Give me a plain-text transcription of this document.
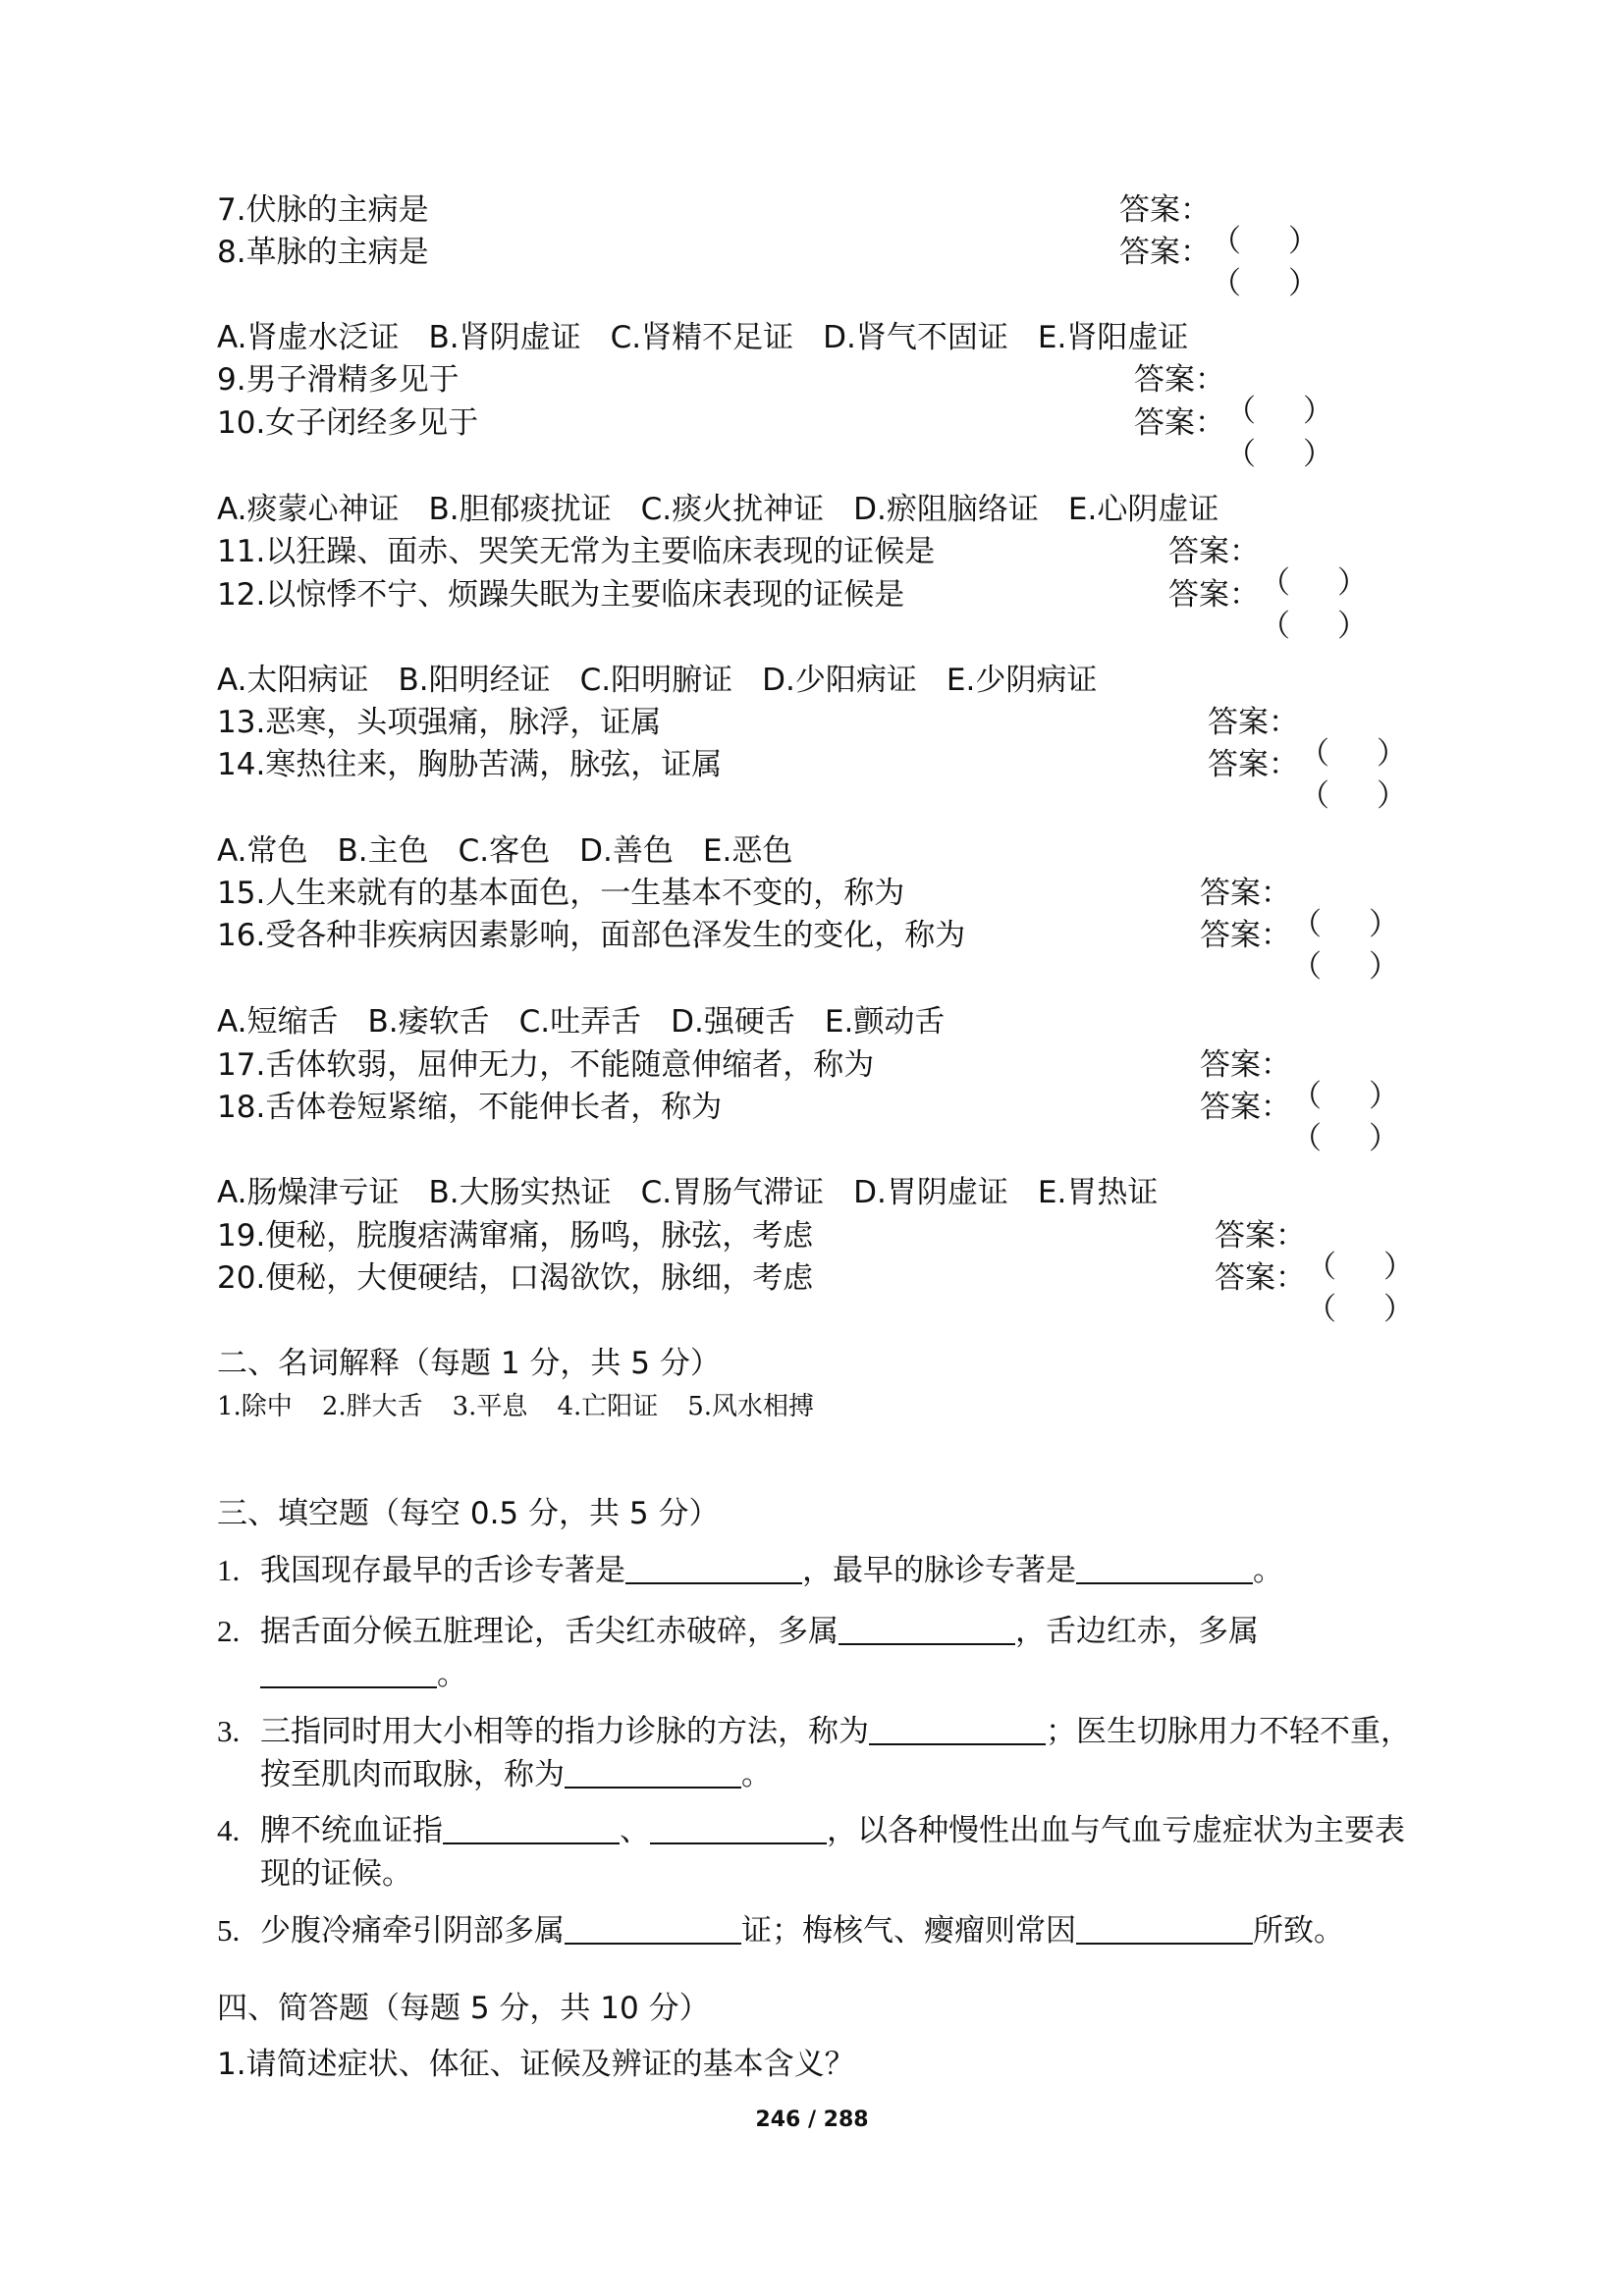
7.伏脉的主病是	答案：
（ ）
8.革脉的主病是	答案：
（ ）
A.肾虚水泛证 B.肾阴虚证 C.肾精不足证 D.肾气不固证 E.肾阳虚证
9.男子滑精多见于	答案：
（ ）
10.女子闭经多见于	答案：
（ ）
A.痰蒙心神证 B.胆郁痰扰证 C.痰火扰神证 D.瘀阻脑络证 E.心阴虚证
11.以狂躁、面赤、哭笑无常为主要临床表现的证候是	答案：
（ ）
12.以惊悸不宁、烦躁失眠为主要临床表现的证候是	答案：
（ ）
A.太阳病证 B.阳明经证 C.阳明腑证 D.少阳病证 E.少阴病证
13.恶寒，头项强痛，脉浮，证属	答案：
（ ）
14.寒热往来，胸胁苦满，脉弦，证属	答案：
（ ）
A.常色 B.主色 C.客色 D.善色 E.恶色
15.人生来就有的基本面色，一生基本不变的，称为	答案：
（ ）
16.受各种非疾病因素影响，面部色泽发生的变化，称为	答案：
（ ）
A.短缩舌 B.痿软舌 C.吐弄舌 D.强硬舌 E.颤动舌
17.舌体软弱，屈伸无力，不能随意伸缩者，称为	答案：
（ ）
18.舌体卷短紧缩，不能伸长者，称为	答案：
（ ）
A.肠燥津亏证 B.大肠实热证 C.胃肠气滞证 D.胃阴虚证 E.胃热证
19.便秘，脘腹痞满窜痛，肠鸣，脉弦，考虑	答案：
（ ）
20.便秘，大便硬结，口渴欲饮，脉细，考虑	答案：
（ ）
二、名词解释（每题 1 分，共 5 分）
1.除中 2.胖大舌 3.平息 4.亡阳证 5.风水相搏
三、填空题（每空 0.5 分，共 5 分）
1. 我国现存最早的舌诊专著是	，最早的脉诊专著是	。
2. 据舌面分候五脏理论，舌尖红赤破碎，多属	，舌边红赤，多属。
3. 三指同时用大小相等的指力诊脉的方法，称为	；医生切脉用力不轻不重，按至肌肉而取脉，称为	。
4. 脾不统血证指	、	，以各种慢性出血与气血亏虚症状为主要表现的证候。
5. 少腹冷痛牵引阴部多属	证；梅核气、瘿瘤则常因	所致。
四、简答题（每题 5 分，共 10 分）
1.请简述症状、体征、证候及辨证的基本含义？
246 / 288
